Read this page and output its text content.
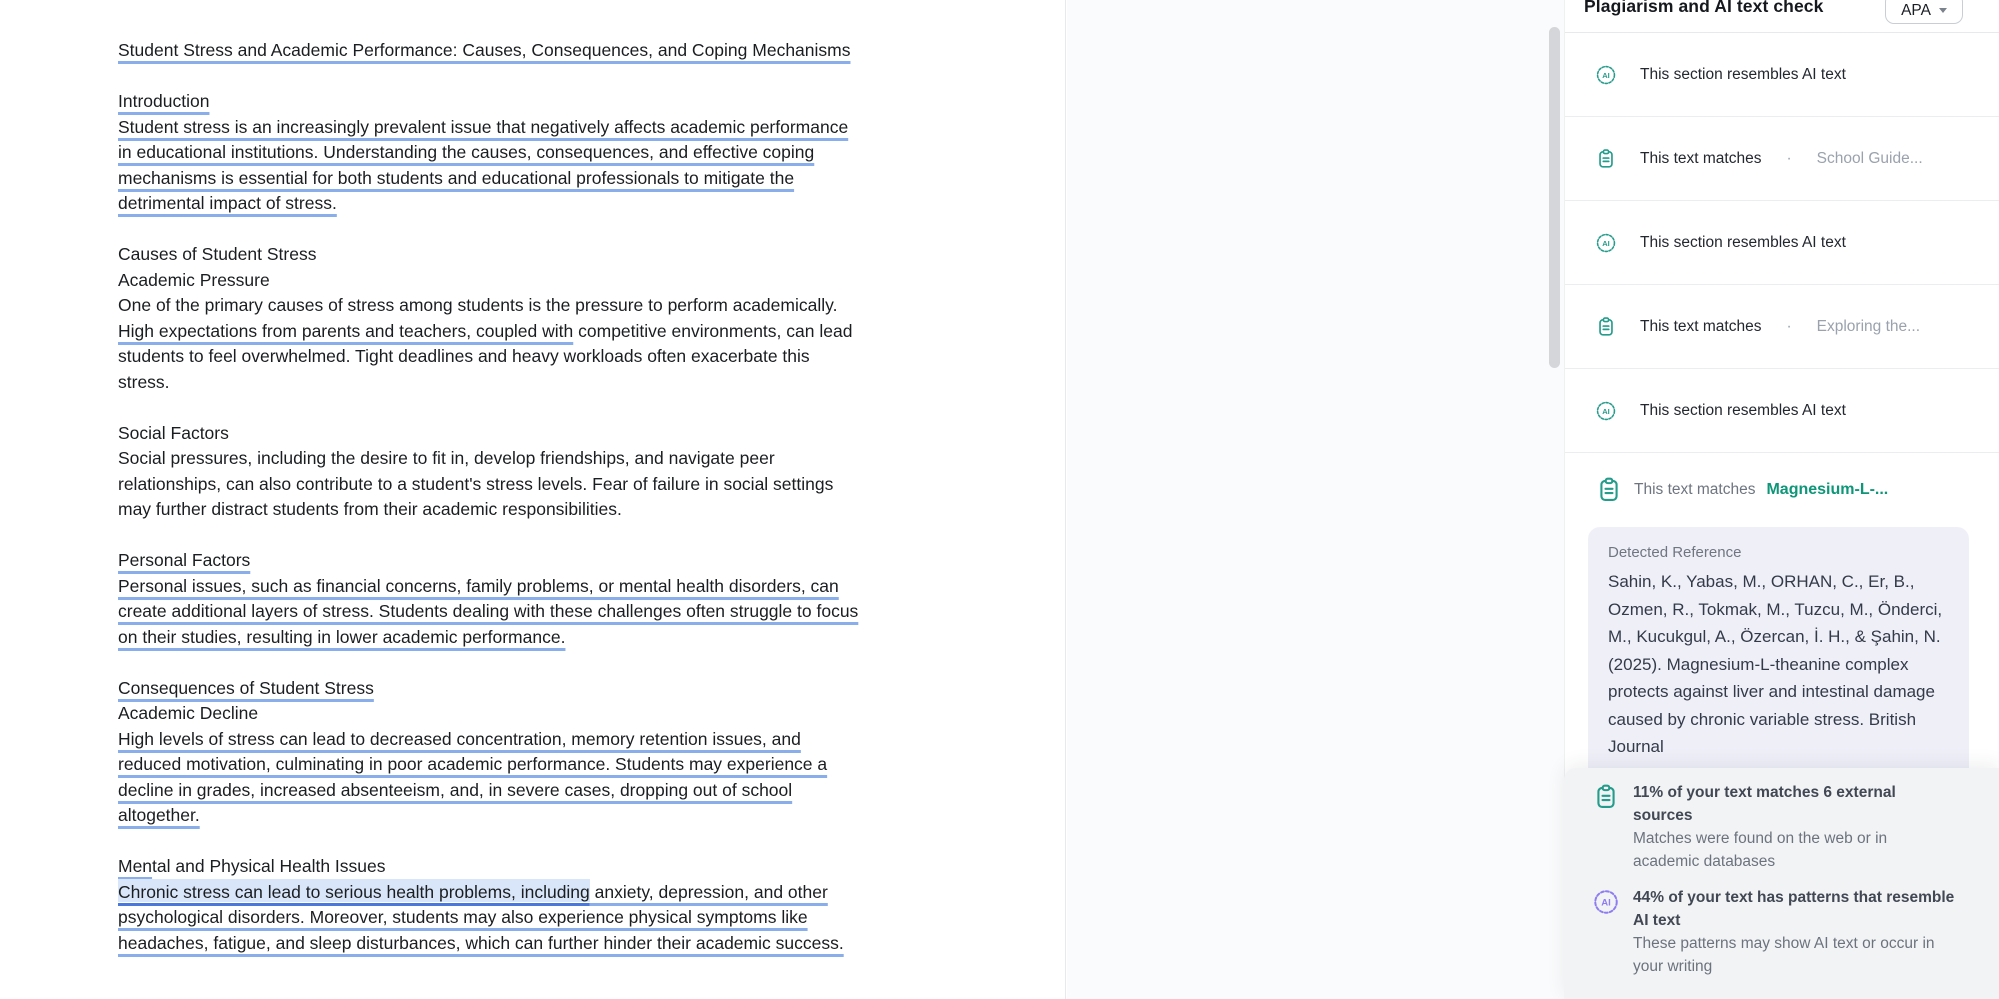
Student Stress and Academic Performance: Causes, Consequences, and Coping Mechanisms
Introduction
Student stress is an increasingly prevalent issue that negatively affects academic performance
in educational institutions. Understanding the causes, consequences, and effective coping
mechanisms is essential for both students and educational professionals to mitigate the
detrimental impact of stress.
Causes of Student Stress
Academic Pressure
One of the primary causes of stress among students is the pressure to perform academically.
High expectations from parents and teachers, coupled with competitive environments, can lead
students to feel overwhelmed. Tight deadlines and heavy workloads often exacerbate this
stress.
Social Factors
Social pressures, including the desire to fit in, develop friendships, and navigate peer
relationships, can also contribute to a student's stress levels. Fear of failure in social settings
may further distract students from their academic responsibilities.
Personal Factors
Personal issues, such as financial concerns, family problems, or mental health disorders, can
create additional layers of stress. Students dealing with these challenges often struggle to focus
on their studies, resulting in lower academic performance.
Consequences of Student Stress
Academic Decline
High levels of stress can lead to decreased concentration, memory retention issues, and
reduced motivation, culminating in poor academic performance. Students may experience a
decline in grades, increased absenteeism, and, in severe cases, dropping out of school
altogether.
Mental and Physical Health Issues
Chronic stress can lead to serious health problems, including anxiety, depression, and other
psychological disorders. Moreover, students may also experience physical symptoms like
headaches, fatigue, and sleep disturbances, which can further hinder their academic success.
Plagiarism and AI text check	APA
AI This section resembles AI text
This text matches · School Guide...
AI This section resembles AI text
This text matches · Exploring the...
AI This section resembles AI text
This text matches Magnesium-L-...
Detected Reference
Sahin, K., Yabas, M., ORHAN, C., Er, B., Ozmen, R., Tokmak, M., Tuzcu, M., Önderci, M., Kucukgul, A., Özercan, İ. H., & Şahin, N. (2025). Magnesium-L-theanine complex protects against liver and intestinal damage caused by chronic variable stress. British Journal
11% of your text matches 6 external sources
Matches were found on the web or in academic databases
AI 44% of your text has patterns that resemble AI text
These patterns may show AI text or occur in your writing
